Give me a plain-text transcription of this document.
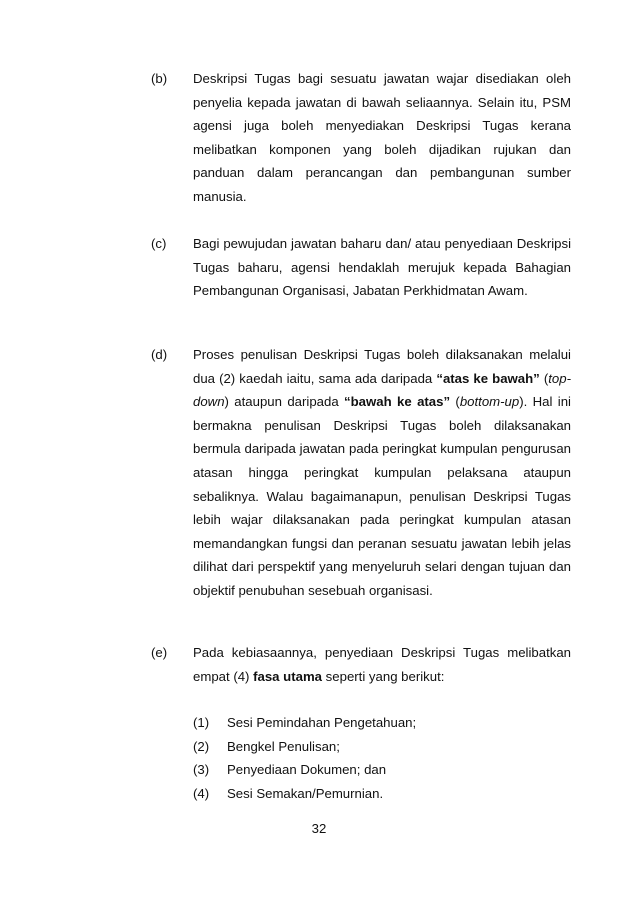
(b)	Deskripsi Tugas bagi sesuatu jawatan wajar disediakan oleh penyelia kepada jawatan di bawah seliaannya. Selain itu, PSM agensi juga boleh menyediakan Deskripsi Tugas kerana melibatkan komponen yang boleh dijadikan rujukan dan panduan dalam perancangan dan pembangunan sumber manusia.
(c)	Bagi pewujudan jawatan baharu dan/ atau penyediaan Deskripsi Tugas baharu, agensi hendaklah merujuk kepada Bahagian Pembangunan Organisasi, Jabatan Perkhidmatan Awam.
(d)	Proses penulisan Deskripsi Tugas boleh dilaksanakan melalui dua (2) kaedah iaitu, sama ada daripada “atas ke bawah” (top-down) ataupun daripada “bawah ke atas” (bottom-up). Hal ini bermakna penulisan Deskripsi Tugas boleh dilaksanakan bermula daripada jawatan pada peringkat kumpulan pengurusan atasan hingga peringkat kumpulan pelaksana ataupun sebaliknya. Walau bagaimanapun, penulisan Deskripsi Tugas lebih wajar dilaksanakan pada peringkat kumpulan atasan memandangkan fungsi dan peranan sesuatu jawatan lebih jelas dilihat dari perspektif yang menyeluruh selari dengan tujuan dan objektif penubuhan sesebuah organisasi.
(e)	Pada kebiasaannya, penyediaan Deskripsi Tugas melibatkan empat (4) fasa utama seperti yang berikut:
(1) Sesi Pemindahan Pengetahuan;
(2) Bengkel Penulisan;
(3) Penyediaan Dokumen; dan
(4) Sesi Semakan/Pemurnian.
32
